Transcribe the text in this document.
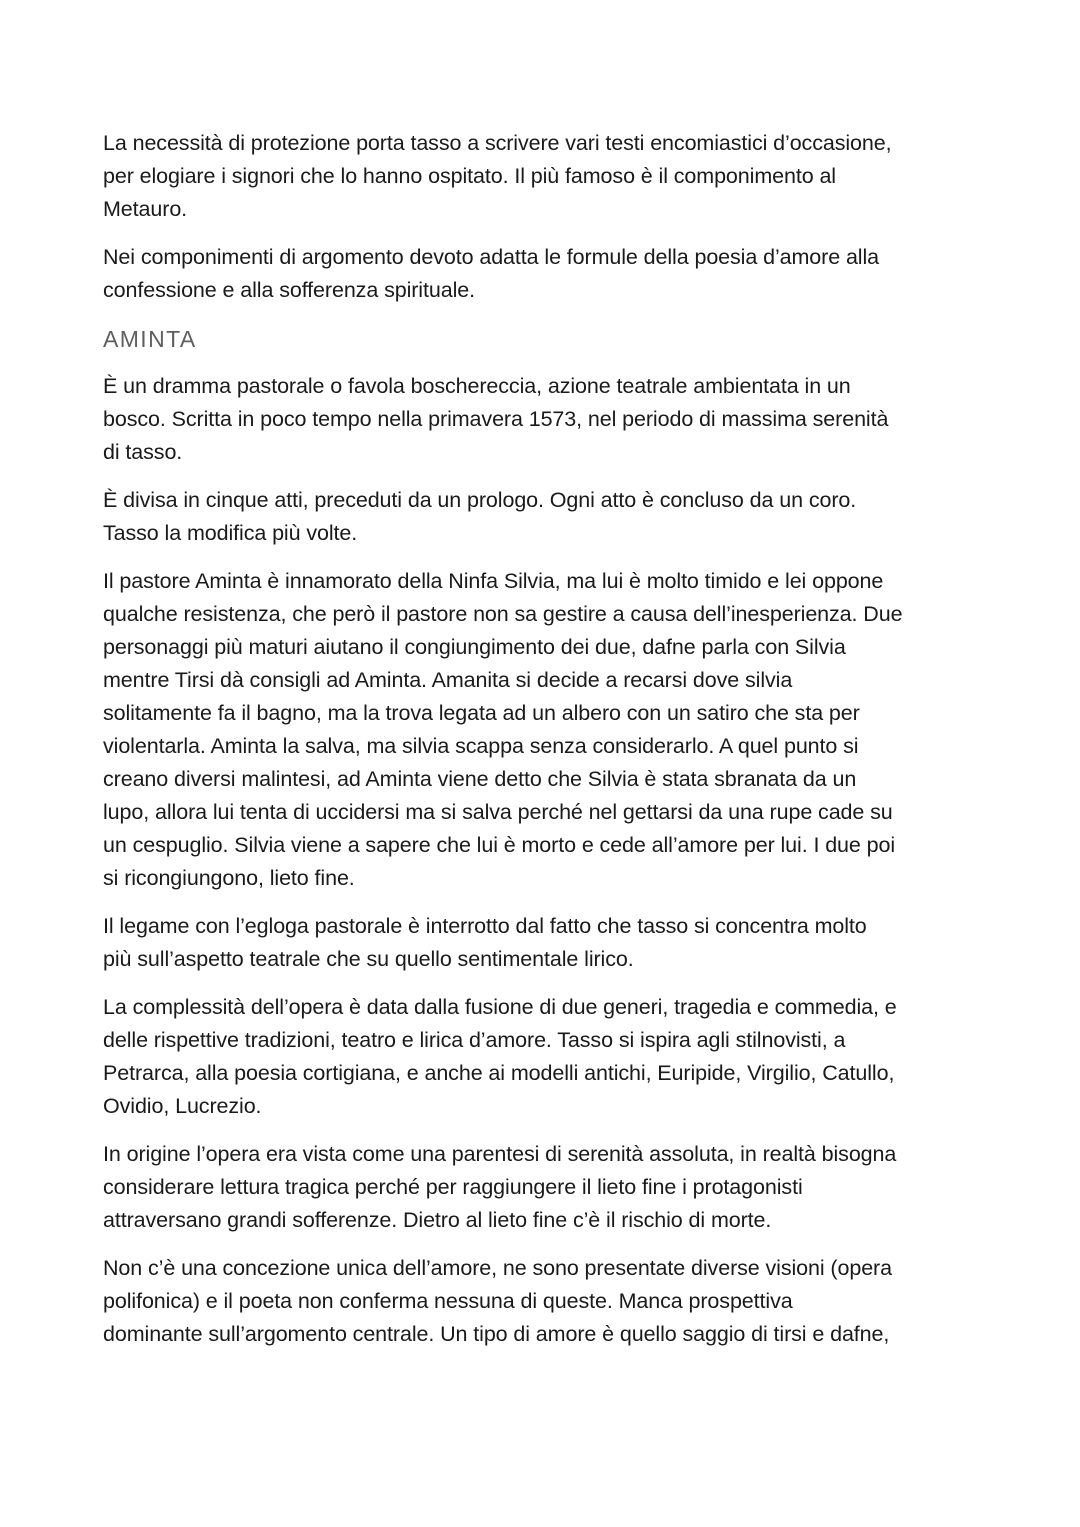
La necessità di protezione porta tasso a scrivere vari testi encomiastici d’occasione,
per elogiare i signori che lo hanno ospitato. Il più famoso è il componimento al
Metauro.

Nei componimenti di argomento devoto adatta le formule della poesia d’amore alla
confessione e alla sofferenza spirituale.

AMINTA

È un dramma pastorale o favola boschereccia, azione teatrale ambientata in un
bosco. Scritta in poco tempo nella primavera 1573, nel periodo di massima serenità
di tasso.

È divisa in cinque atti, preceduti da un prologo. Ogni atto è concluso da un coro.
Tasso la modifica più volte.

Il pastore Aminta è innamorato della Ninfa Silvia, ma lui è molto timido e lei oppone
qualche resistenza, che però il pastore non sa gestire a causa dell’inesperienza. Due
personaggi più maturi aiutano il congiungimento dei due, dafne parla con Silvia
mentre Tirsi dà consigli ad Aminta. Amanita si decide a recarsi dove silvia
solitamente fa il bagno, ma la trova legata ad un albero con un satiro che sta per
violentarla. Aminta la salva, ma silvia scappa senza considerarlo. A quel punto si
creano diversi malintesi, ad Aminta viene detto che Silvia è stata sbranata da un
lupo, allora lui tenta di uccidersi ma si salva perché nel gettarsi da una rupe cade su
un cespuglio. Silvia viene a sapere che lui è morto e cede all’amore per lui. I due poi
si ricongiungono, lieto fine.

Il legame con l’egloga pastorale è interrotto dal fatto che tasso si concentra molto
più sull’aspetto teatrale che su quello sentimentale lirico.

La complessità dell’opera è data dalla fusione di due generi, tragedia e commedia, e
delle rispettive tradizioni, teatro e lirica d’amore. Tasso si ispira agli stilnovisti, a
Petrarca, alla poesia cortigiana, e anche ai modelli antichi, Euripide, Virgilio, Catullo,
Ovidio, Lucrezio.

In origine l’opera era vista come una parentesi di serenità assoluta, in realtà bisogna
considerare lettura tragica perché per raggiungere il lieto fine i protagonisti
attraversano grandi sofferenze. Dietro al lieto fine c’è il rischio di morte.

Non c’è una concezione unica dell’amore, ne sono presentate diverse visioni (opera
polifonica) e il poeta non conferma nessuna di queste. Manca prospettiva
dominante sull’argomento centrale. Un tipo di amore è quello saggio di tirsi e dafne,
